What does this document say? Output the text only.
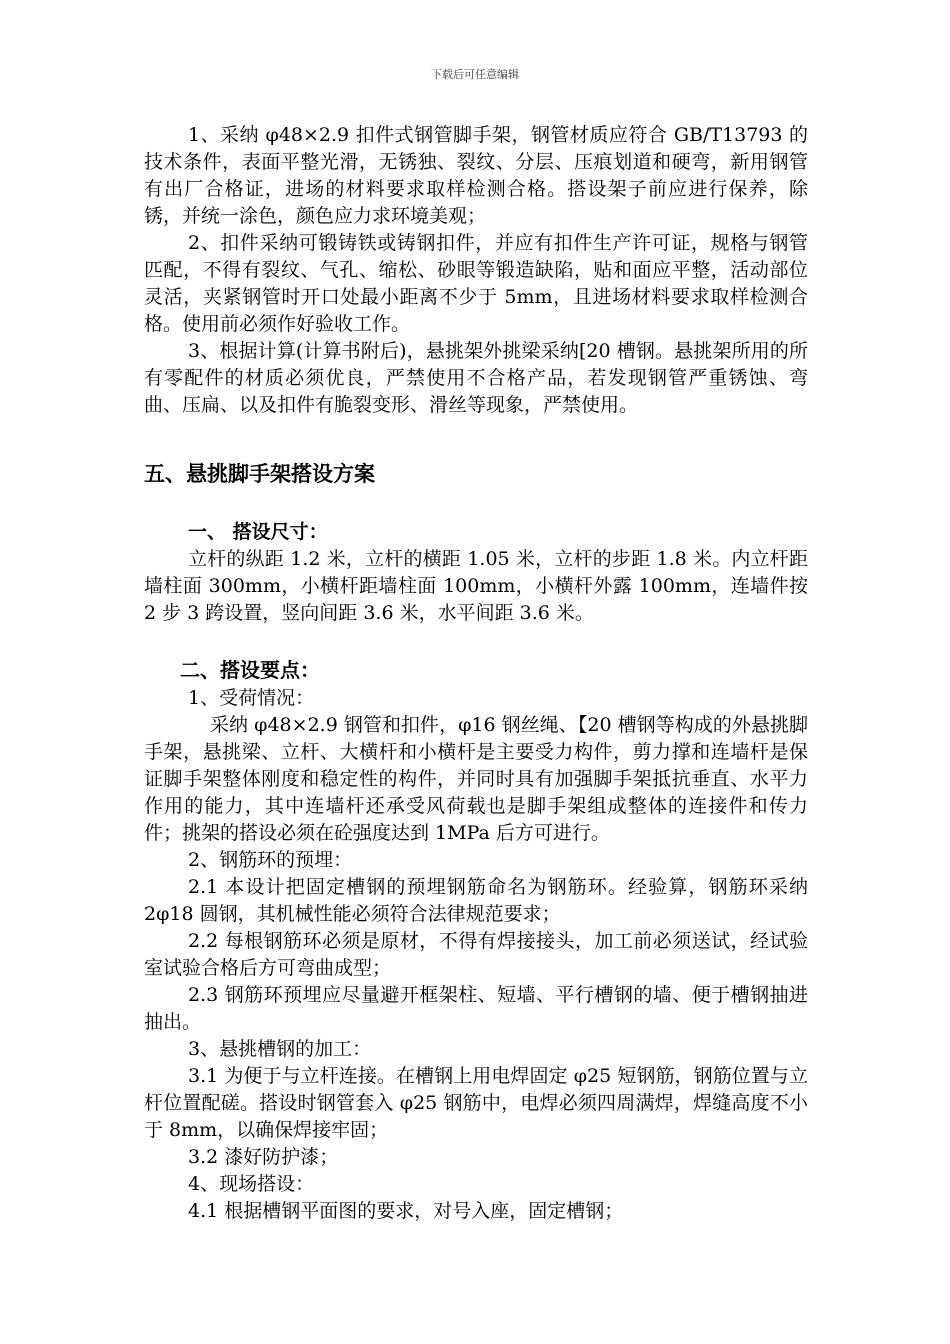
下载后可任意编辑

1、采纳 φ48×2.9 扣件式钢管脚手架，钢管材质应符合 GB/T13793 的技术条件，表面平整光滑，无锈独、裂纹、分层、压痕划道和硬弯，新用钢管有出厂合格证，进场的材料要求取样检测合格。搭设架子前应进行保养，除锈，并统一涂色，颜色应力求环境美观；

2、扣件采纳可锻铸铁或铸钢扣件，并应有扣件生产许可证，规格与钢管匹配，不得有裂纹、气孔、缩松、砂眼等锻造缺陷，贴和面应平整，活动部位灵活，夹紧钢管时开口处最小距离不少于 5mm，且进场材料要求取样检测合格。使用前必须作好验收工作。

3、根据计算(计算书附后)，悬挑架外挑梁采纳[20 槽钢。悬挑架所用的所有零配件的材质必须优良，严禁使用不合格产品，若发现钢管严重锈蚀、弯曲、压扁、以及扣件有脆裂变形、滑丝等现象，严禁使用。

五、悬挑脚手架搭设方案

一、 搭设尺寸：

立杆的纵距 1.2 米，立杆的横距 1.05 米，立杆的步距 1.8 米。内立杆距墙柱面 300mm，小横杆距墙柱面 100mm，小横杆外露 100mm，连墙件按 2 步 3 跨设置，竖向间距 3.6 米，水平间距 3.6 米。

二、搭设要点：

1、受荷情况：

采纳 φ48×2.9 钢管和扣件，φ16 钢丝绳、【20 槽钢等构成的外悬挑脚手架，悬挑梁、立杆、大横杆和小横杆是主要受力构件，剪力撑和连墙杆是保证脚手架整体刚度和稳定性的构件，并同时具有加强脚手架抵抗垂直、水平力作用的能力，其中连墙杆还承受风荷载也是脚手架组成整体的连接件和传力件；挑架的搭设必须在砼强度达到 1MPa 后方可进行。

2、钢筋环的预埋：

2.1 本设计把固定槽钢的预埋钢筋命名为钢筋环。经验算，钢筋环采纳 2φ18 圆钢，其机械性能必须符合法律规范要求；

2.2 每根钢筋环必须是原材，不得有焊接接头，加工前必须送试，经试验室试验合格后方可弯曲成型；

2.3 钢筋环预埋应尽量避开框架柱、短墙、平行槽钢的墙、便于槽钢抽进抽出。

3、悬挑槽钢的加工：

3.1 为便于与立杆连接。在槽钢上用电焊固定 φ25 短钢筋，钢筋位置与立杆位置配磋。搭设时钢管套入 φ25 钢筋中，电焊必须四周满焊，焊缝高度不小于 8mm，以确保焊接牢固；

3.2 漆好防护漆；

4、现场搭设：

4.1 根据槽钢平面图的要求，对号入座，固定槽钢；
